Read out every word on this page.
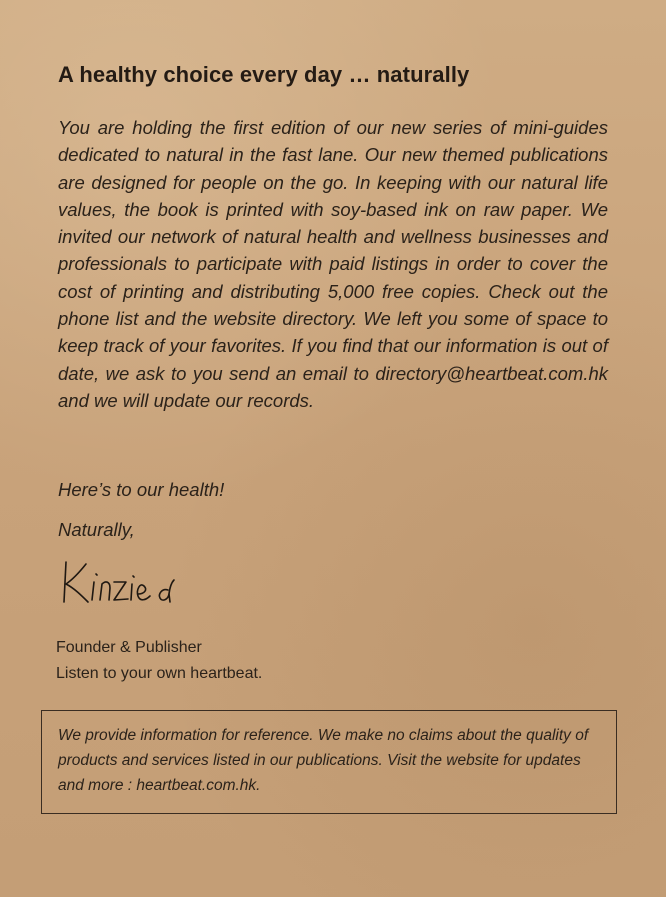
A healthy choice every day … naturally

You are holding the first edition of our new series of mini-guides dedicated to natural in the fast lane. Our new themed publications are designed for people on the go. In keeping with our natural life values, the book is printed with soy-based ink on raw paper. We invited our network of natural health and wellness businesses and professionals to participate with paid listings in order to cover the cost of printing and distributing 5,000 free copies. Check out the phone list and the website directory. We left you some of space to keep track of your favorites. If you find that our information is out of date, we ask to you send an email to directory@heartbeat.com.hk and we will update our records.

Here’s to our health!

Naturally,

Founder & Publisher

Listen to your own heartbeat.

We provide information for reference. We make no claims about the quality of products and services listed in our publications. Visit the website for updates and more : heartbeat.com.hk.
